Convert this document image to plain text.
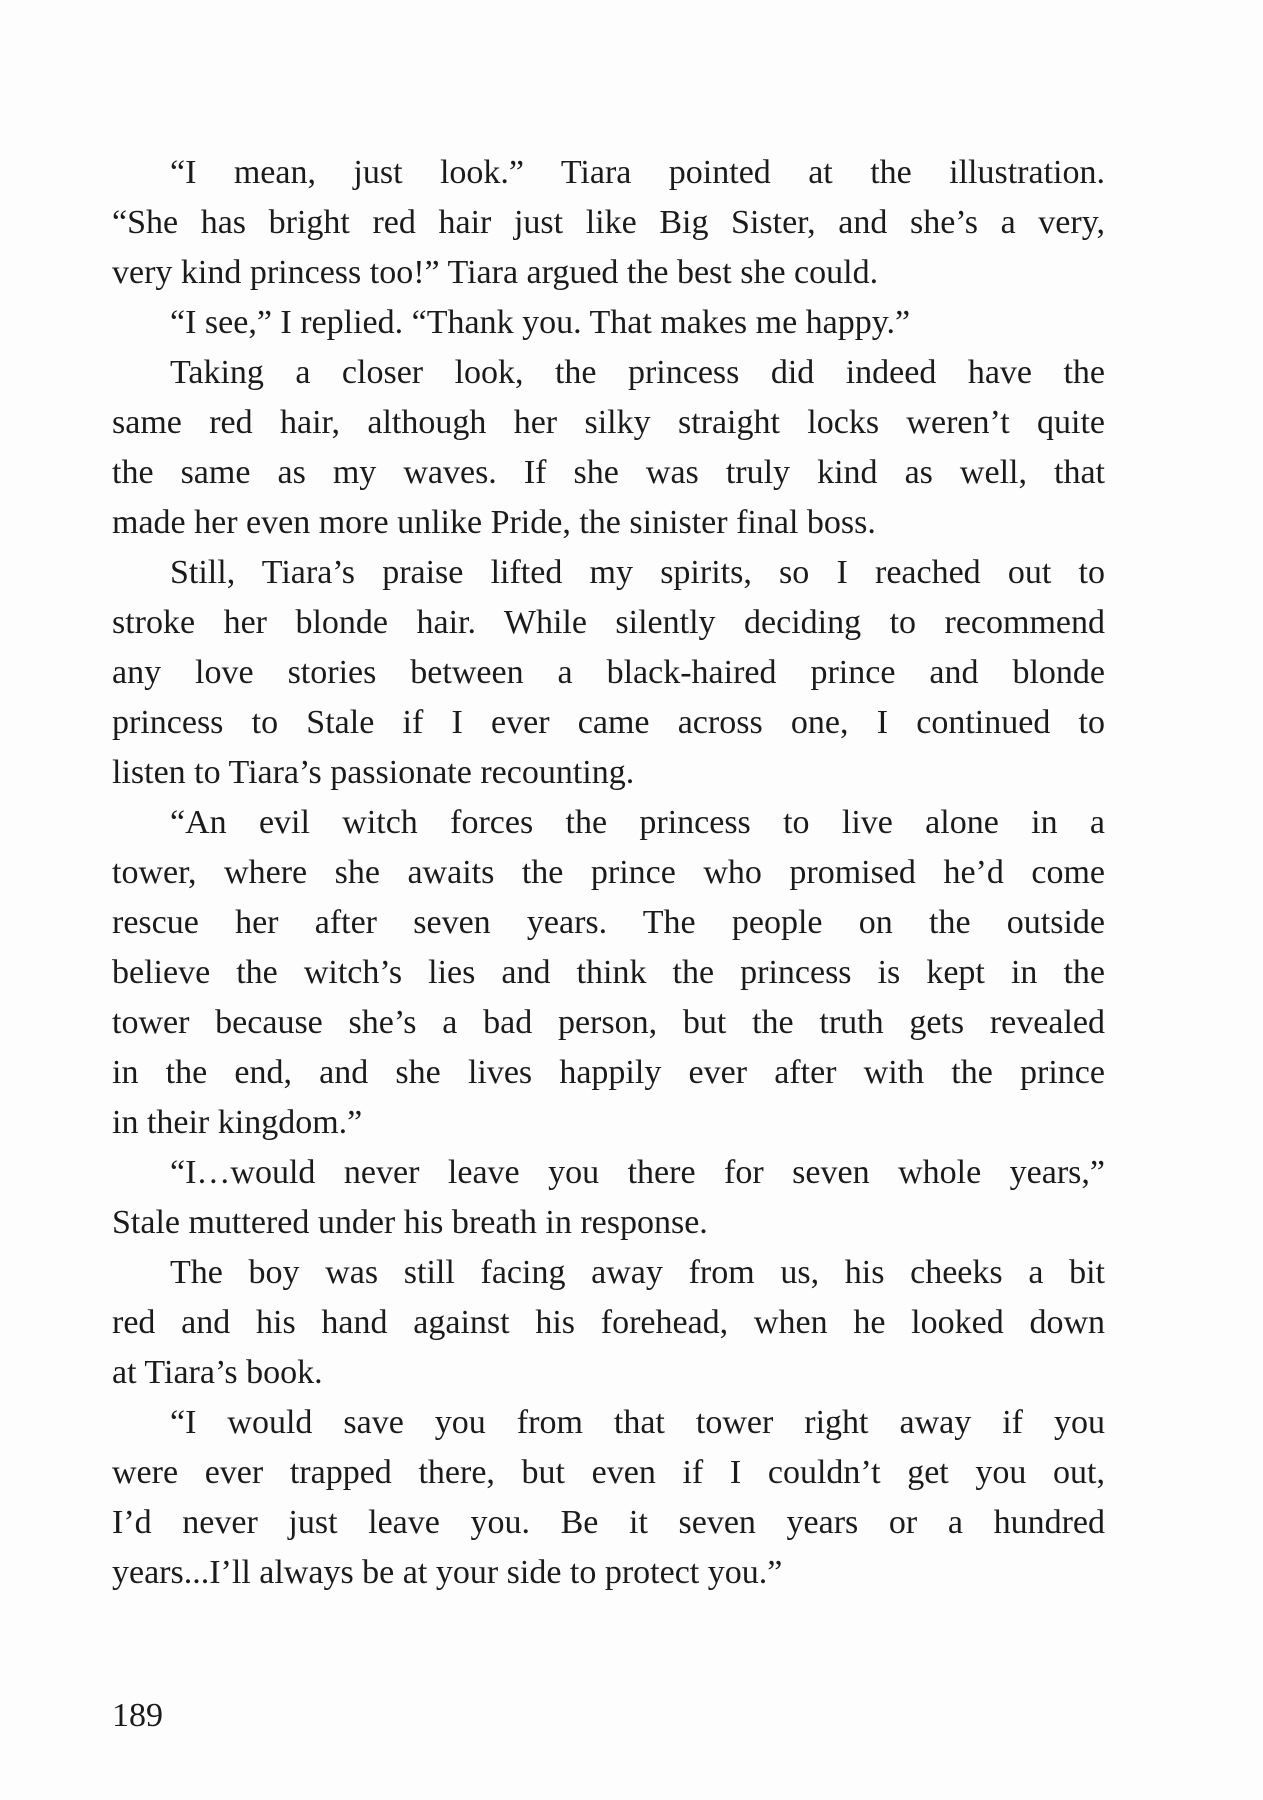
“I mean, just look.” Tiara pointed at the illustration.
“She has bright red hair just like Big Sister, and she’s a very,
very kind princess too!” Tiara argued the best she could.
“I see,” I replied. “Thank you. That makes me happy.”
Taking a closer look, the princess did indeed have the
same red hair, although her silky straight locks weren’t quite
the same as my waves. If she was truly kind as well, that
made her even more unlike Pride, the sinister final boss.
Still, Tiara’s praise lifted my spirits, so I reached out to
stroke her blonde hair. While silently deciding to recommend
any love stories between a black-haired prince and blonde
princess to Stale if I ever came across one, I continued to
listen to Tiara’s passionate recounting.
“An evil witch forces the princess to live alone in a
tower, where she awaits the prince who promised he’d come
rescue her after seven years. The people on the outside
believe the witch’s lies and think the princess is kept in the
tower because she’s a bad person, but the truth gets revealed
in the end, and she lives happily ever after with the prince
in their kingdom.”
“I…would never leave you there for seven whole years,”
Stale muttered under his breath in response.
The boy was still facing away from us, his cheeks a bit
red and his hand against his forehead, when he looked down
at Tiara’s book.
“I would save you from that tower right away if you
were ever trapped there, but even if I couldn’t get you out,
I’d never just leave you. Be it seven years or a hundred
years...I’ll always be at your side to protect you.”
189
